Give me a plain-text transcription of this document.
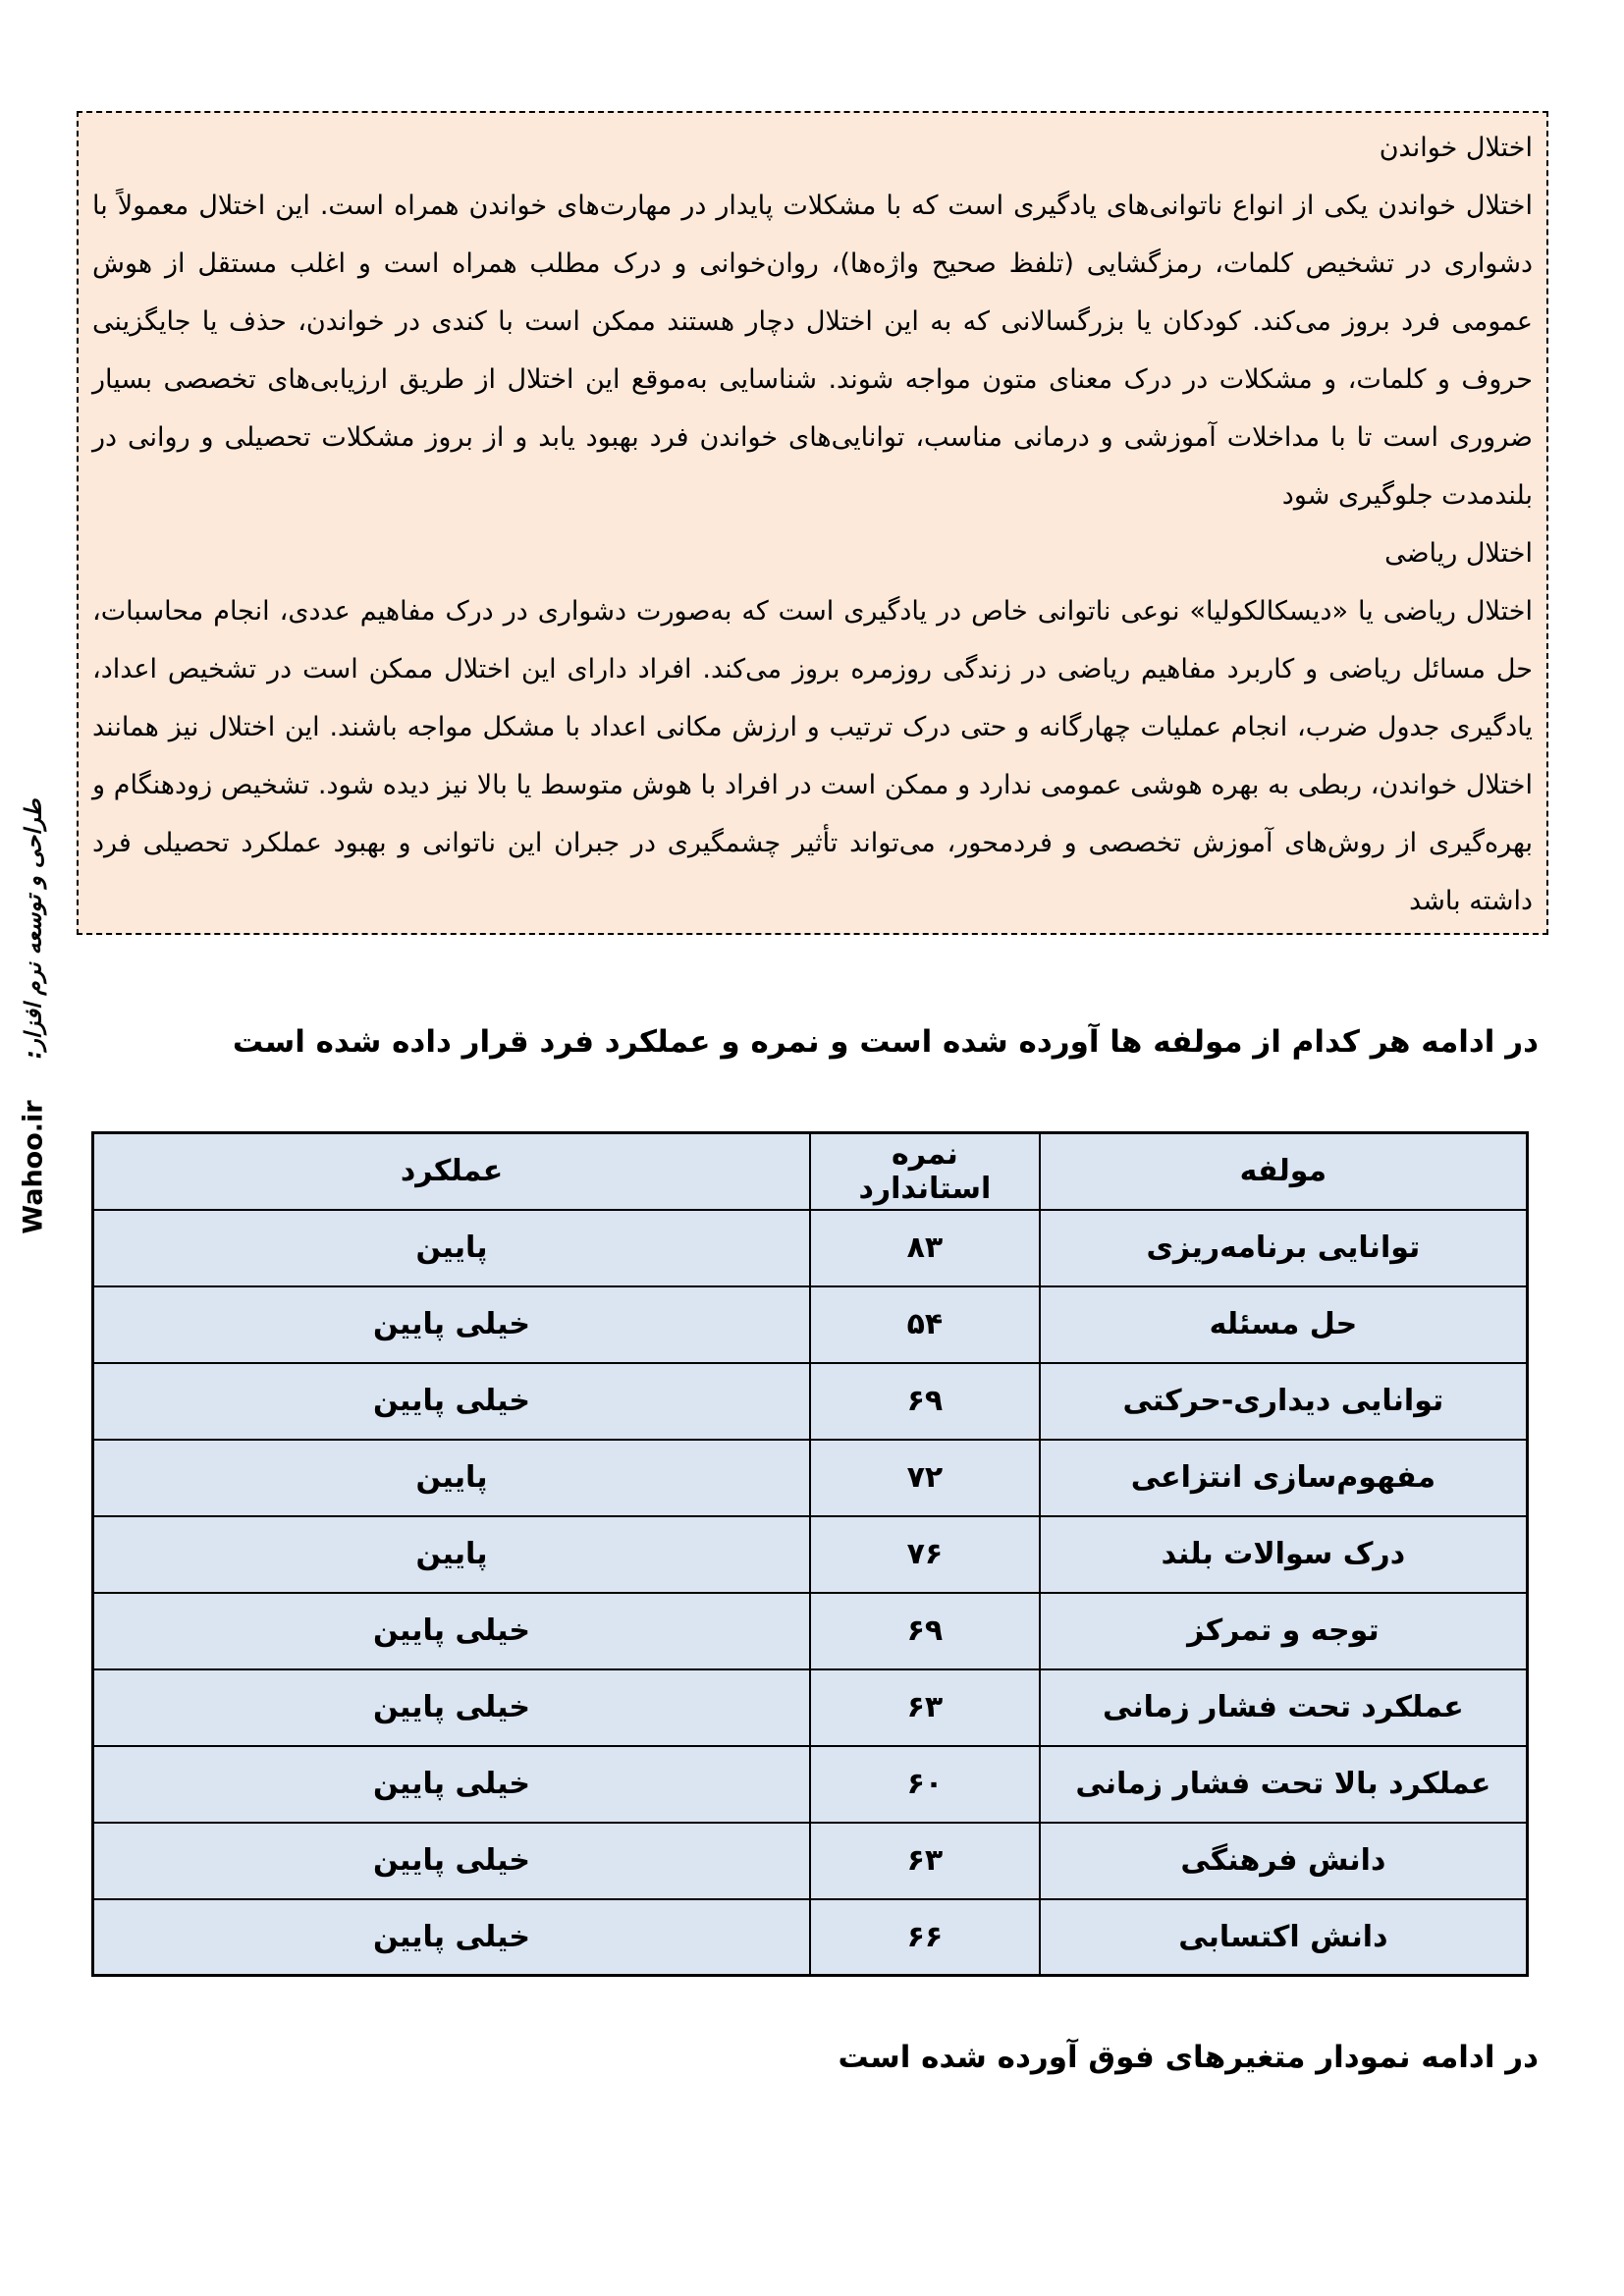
طراحی و توسعه نرم افزار:
Wahoo.ir

اختلال خواندن

اختلال خواندن یکی از انواع ناتوانی‌های یادگیری است که با مشکلات پایدار در مهارت‌های خواندن همراه است. این اختلال معمولاً با دشواری در تشخیص کلمات، رمزگشایی (تلفظ صحیح واژه‌ها)، روان‌خوانی و درک مطلب همراه است و اغلب مستقل از هوش عمومی فرد بروز می‌کند. کودکان یا بزرگسالانی که به این اختلال دچار هستند ممکن است با کندی در خواندن، حذف یا جایگزینی حروف و کلمات، و مشکلات در درک معنای متون مواجه شوند. شناسایی به‌موقع این اختلال از طریق ارزیابی‌های تخصصی بسیار ضروری است تا با مداخلات آموزشی و درمانی مناسب، توانایی‌های خواندن فرد بهبود یابد و از بروز مشکلات تحصیلی و روانی در بلندمدت جلوگیری شود

اختلال ریاضی

اختلال ریاضی یا «دیسکالکولیا» نوعی ناتوانی خاص در یادگیری است که به‌صورت دشواری در درک مفاهیم عددی، انجام محاسبات، حل مسائل ریاضی و کاربرد مفاهیم ریاضی در زندگی روزمره بروز می‌کند. افراد دارای این اختلال ممکن است در تشخیص اعداد، یادگیری جدول ضرب، انجام عملیات چهارگانه و حتی درک ترتیب و ارزش مکانی اعداد با مشکل مواجه باشند. این اختلال نیز همانند اختلال خواندن، ربطی به بهره هوشی عمومی ندارد و ممکن است در افراد با هوش متوسط یا بالا نیز دیده شود. تشخیص زودهنگام و بهره‌گیری از روش‌های آموزش تخصصی و فردمحور، می‌تواند تأثیر چشمگیری در جبران این ناتوانی و بهبود عملکرد تحصیلی فرد داشته باشد

در ادامه هر کدام از مولفه ها آورده شده است و نمره و عملکرد فرد قرار داده شده است
مولفه	نمره استاندارد	عملکرد
توانایی برنامه‌ریزی	۸۳	پایین
حل مسئله	۵۴	خیلی پایین
توانایی دیداری-حرکتی	۶۹	خیلی پایین
مفهوم‌سازی انتزاعی	۷۲	پایین
درک سوالات بلند	۷۶	پایین
توجه و تمرکز	۶۹	خیلی پایین
عملکرد تحت فشار زمانی	۶۳	خیلی پایین
عملکرد بالا تحت فشار زمانی	۶۰	خیلی پایین
دانش فرهنگی	۶۳	خیلی پایین
دانش اکتسابی	۶۶	خیلی پایین
در ادامه نمودار متغیرهای فوق آورده شده است
